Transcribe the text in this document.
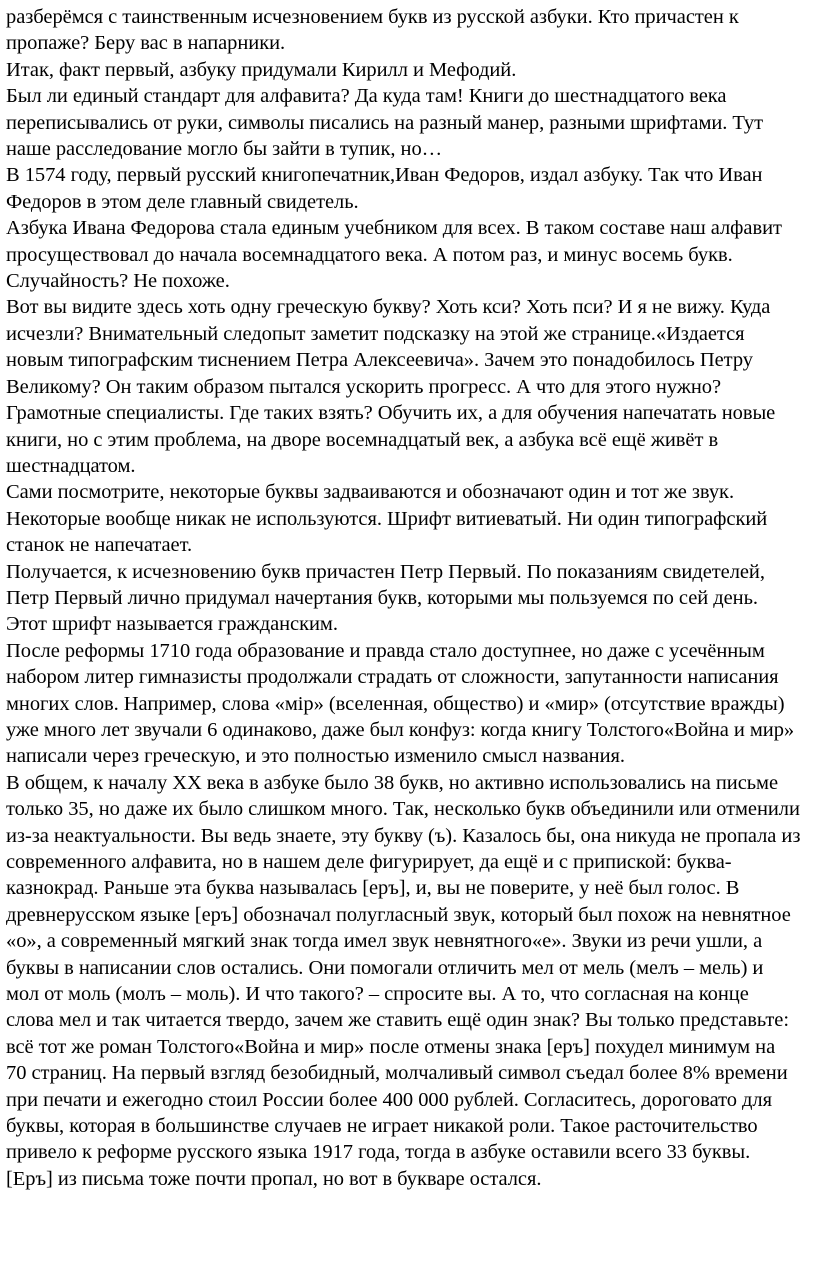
разберёмся с таинственным исчезновением букв из русской азбуки. Кто причастен к
пропаже? Беру вас в напарники.

Итак, факт первый, азбуку придумали Кирилл и Мефодий.

Был ли единый стандарт для алфавита? Да куда там! Книги до шестнадцатого века
переписывались от руки, символы писались на разный манер, разными шрифтами. Тут
наше расследование могло бы зайти в тупик, но…

В 1574 году, первый русский книгопечатник,Иван Федоров, издал азбуку. Так что Иван
Федоров в этом деле главный свидетель.

Азбука Ивана Федорова стала единым учебником для всех. В таком составе наш алфавит
просуществовал до начала восемнадцатого века. А потом раз, и минус восемь букв.
Случайность? Не похоже.

Вот вы видите здесь хоть одну греческую букву? Хоть кси? Хоть пси? И я не вижу. Куда
исчезли? Внимательный следопыт заметит подсказку на этой же странице.«Издается
новым типографским тиснением Петра Алексеевича». Зачем это понадобилось Петру
Великому? Он таким образом пытался ускорить прогресс. А что для этого нужно?
Грамотные специалисты. Где таких взять? Обучить их, а для обучения напечатать новые
книги, но с этим проблема, на дворе восемнадцатый век, а азбука всё ещё живёт в
шестнадцатом.

Сами посмотрите, некоторые буквы задваиваются и обозначают один и тот же звук.
Некоторые вообще никак не используются. Шрифт витиеватый. Ни один типографский
станок не напечатает.

Получается, к исчезновению букв причастен Петр Первый. По показаниям свидетелей,
Петр Первый лично придумал начертания букв, которыми мы пользуемся по сей день.
Этот шрифт называется гражданским.

После реформы 1710 года образование и правда стало доступнее, но даже с усечённым
набором литер гимназисты продолжали страдать от сложности, запутанности написания
многих слов. Например, слова «мiр» (вселенная, общество) и «мир» (отсутствие вражды)
уже много лет звучали 6 одинаково, даже был конфуз: когда книгу Толстого«Война и мир»
написали через греческую, и это полностью изменило смысл названия.

В общем, к началу XX века в азбуке было 38 букв, но активно использовались на письме
только 35, но даже их было слишком много. Так, несколько букв объединили или отменили
из-за неактуальности. Вы ведь знаете, эту букву (ъ). Казалось бы, она никуда не пропала из
современного алфавита, но в нашем деле фигурирует, да ещё и с припиской: буква-
казнокрад. Раньше эта буква называлась [еръ], и, вы не поверите, у неё был голос. В
древнерусском языке [еръ] обозначал полугласный звук, который был похож на невнятное
«о», а современный мягкий знак тогда имел звук невнятного«е». Звуки из речи ушли, а
буквы в написании слов остались. Они помогали отличить мел от мель (мелъ – мель) и
мол от моль (молъ – моль). И что такого? – спросите вы. А то, что согласная на конце
слова мел и так читается твердо, зачем же ставить ещё один знак? Вы только представьте:
всё тот же роман Толстого«Война и мир» после отмены знака [еръ] похудел минимум на
70 страниц. На первый взгляд безобидный, молчаливый символ съедал более 8% времени
при печати и ежегодно стоил России более 400 000 рублей. Согласитесь, дороговато для
буквы, которая в большинстве случаев не играет никакой роли. Такое расточительство
привело к реформе русского языка 1917 года, тогда в азбуке оставили всего 33 буквы.
[Еръ] из письма тоже почти пропал, но вот в букваре остался.
